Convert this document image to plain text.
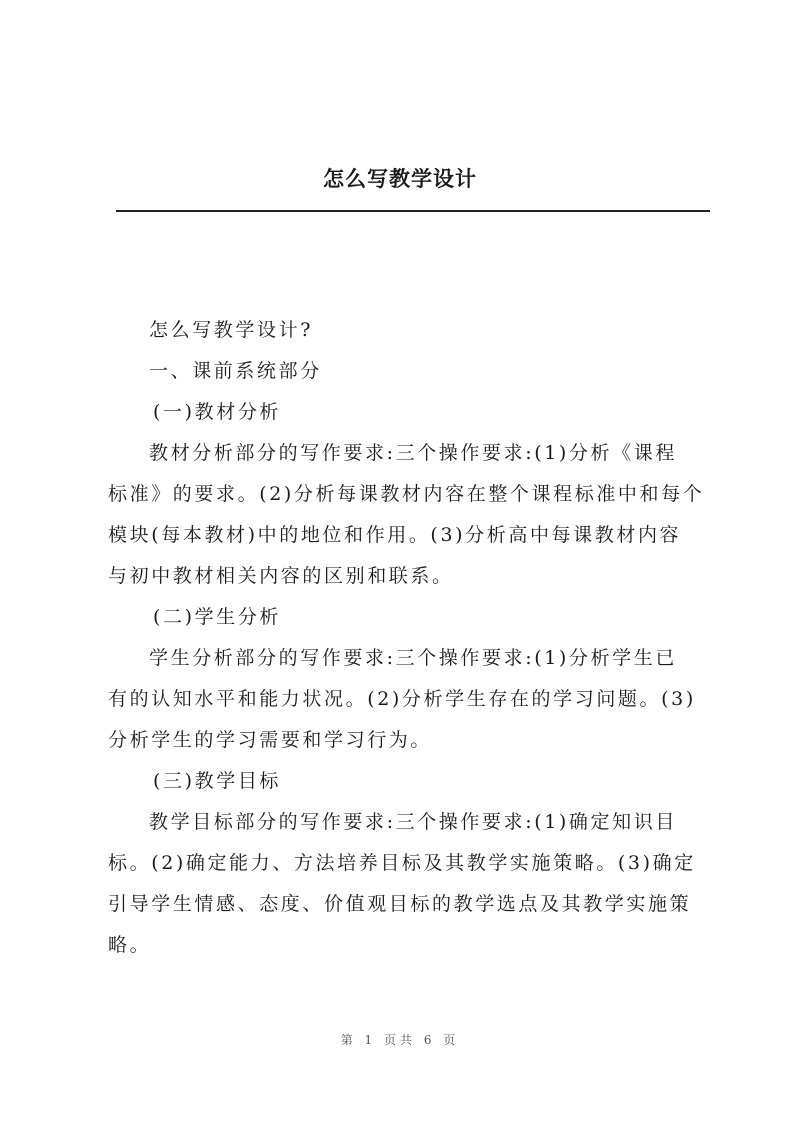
怎么写教学设计
怎么写教学设计?
一、课前系统部分
(一)教材分析
教材分析部分的写作要求:三个操作要求:(1)分析《课程
标准》的要求。(2)分析每课教材内容在整个课程标准中和每个
模块(每本教材)中的地位和作用。(3)分析高中每课教材内容
与初中教材相关内容的区别和联系。
(二)学生分析
学生分析部分的写作要求:三个操作要求:(1)分析学生已
有的认知水平和能力状况。(2)分析学生存在的学习问题。(3)
分析学生的学习需要和学习行为。
(三)教学目标
教学目标部分的写作要求:三个操作要求:(1)确定知识目
标。(2)确定能力、方法培养目标及其教学实施策略。(3)确定
引导学生情感、态度、价值观目标的教学选点及其教学实施策
略。
第 1 页共 6 页
